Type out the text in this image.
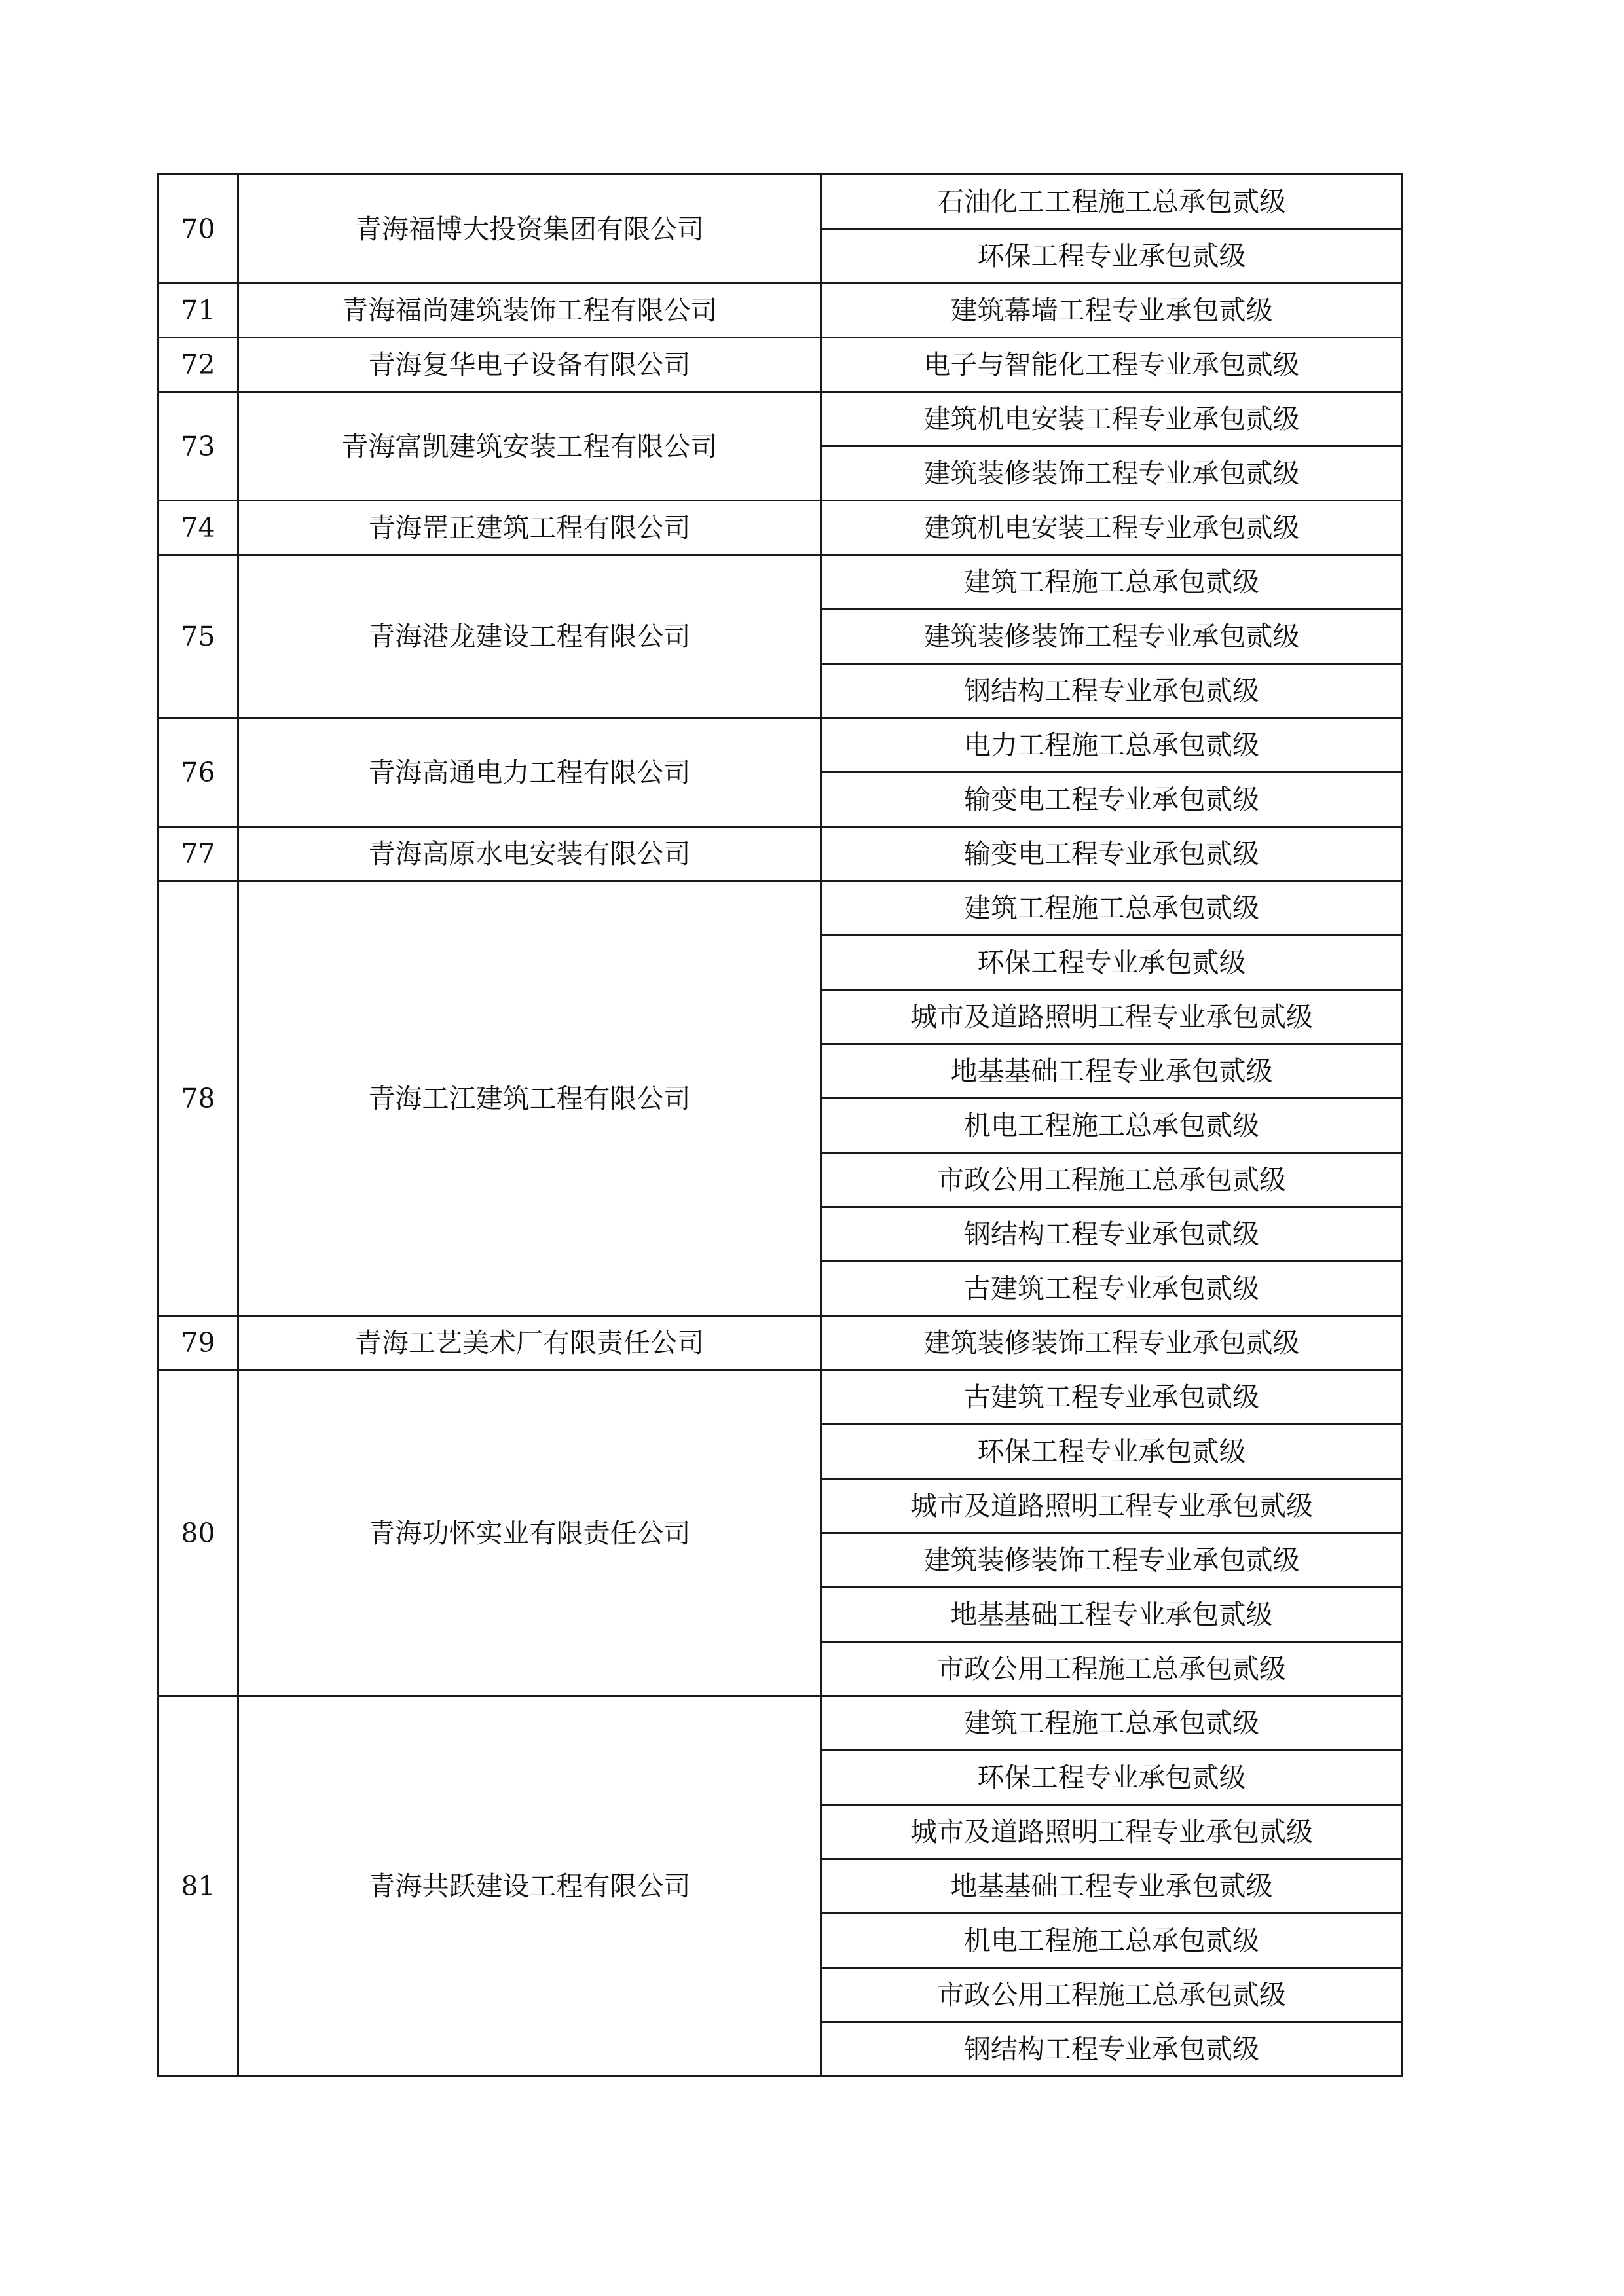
70	青海福博大投资集团有限公司	石油化工工程施工总承包贰级
		环保工程专业承包贰级
71	青海福尚建筑装饰工程有限公司	建筑幕墙工程专业承包贰级
72	青海复华电子设备有限公司	电子与智能化工程专业承包贰级
73	青海富凯建筑安装工程有限公司	建筑机电安装工程专业承包贰级
		建筑装修装饰工程专业承包贰级
74	青海罡正建筑工程有限公司	建筑机电安装工程专业承包贰级
75	青海港龙建设工程有限公司	建筑工程施工总承包贰级
		建筑装修装饰工程专业承包贰级
		钢结构工程专业承包贰级
76	青海高通电力工程有限公司	电力工程施工总承包贰级
		输变电工程专业承包贰级
77	青海高原水电安装有限公司	输变电工程专业承包贰级
78	青海工江建筑工程有限公司	建筑工程施工总承包贰级
		环保工程专业承包贰级
		城市及道路照明工程专业承包贰级
		地基基础工程专业承包贰级
		机电工程施工总承包贰级
		市政公用工程施工总承包贰级
		钢结构工程专业承包贰级
		古建筑工程专业承包贰级
79	青海工艺美术厂有限责任公司	建筑装修装饰工程专业承包贰级
80	青海功怀实业有限责任公司	古建筑工程专业承包贰级
		环保工程专业承包贰级
		城市及道路照明工程专业承包贰级
		建筑装修装饰工程专业承包贰级
		地基基础工程专业承包贰级
		市政公用工程施工总承包贰级
81	青海共跃建设工程有限公司	建筑工程施工总承包贰级
		环保工程专业承包贰级
		城市及道路照明工程专业承包贰级
		地基基础工程专业承包贰级
		机电工程施工总承包贰级
		市政公用工程施工总承包贰级
		钢结构工程专业承包贰级
